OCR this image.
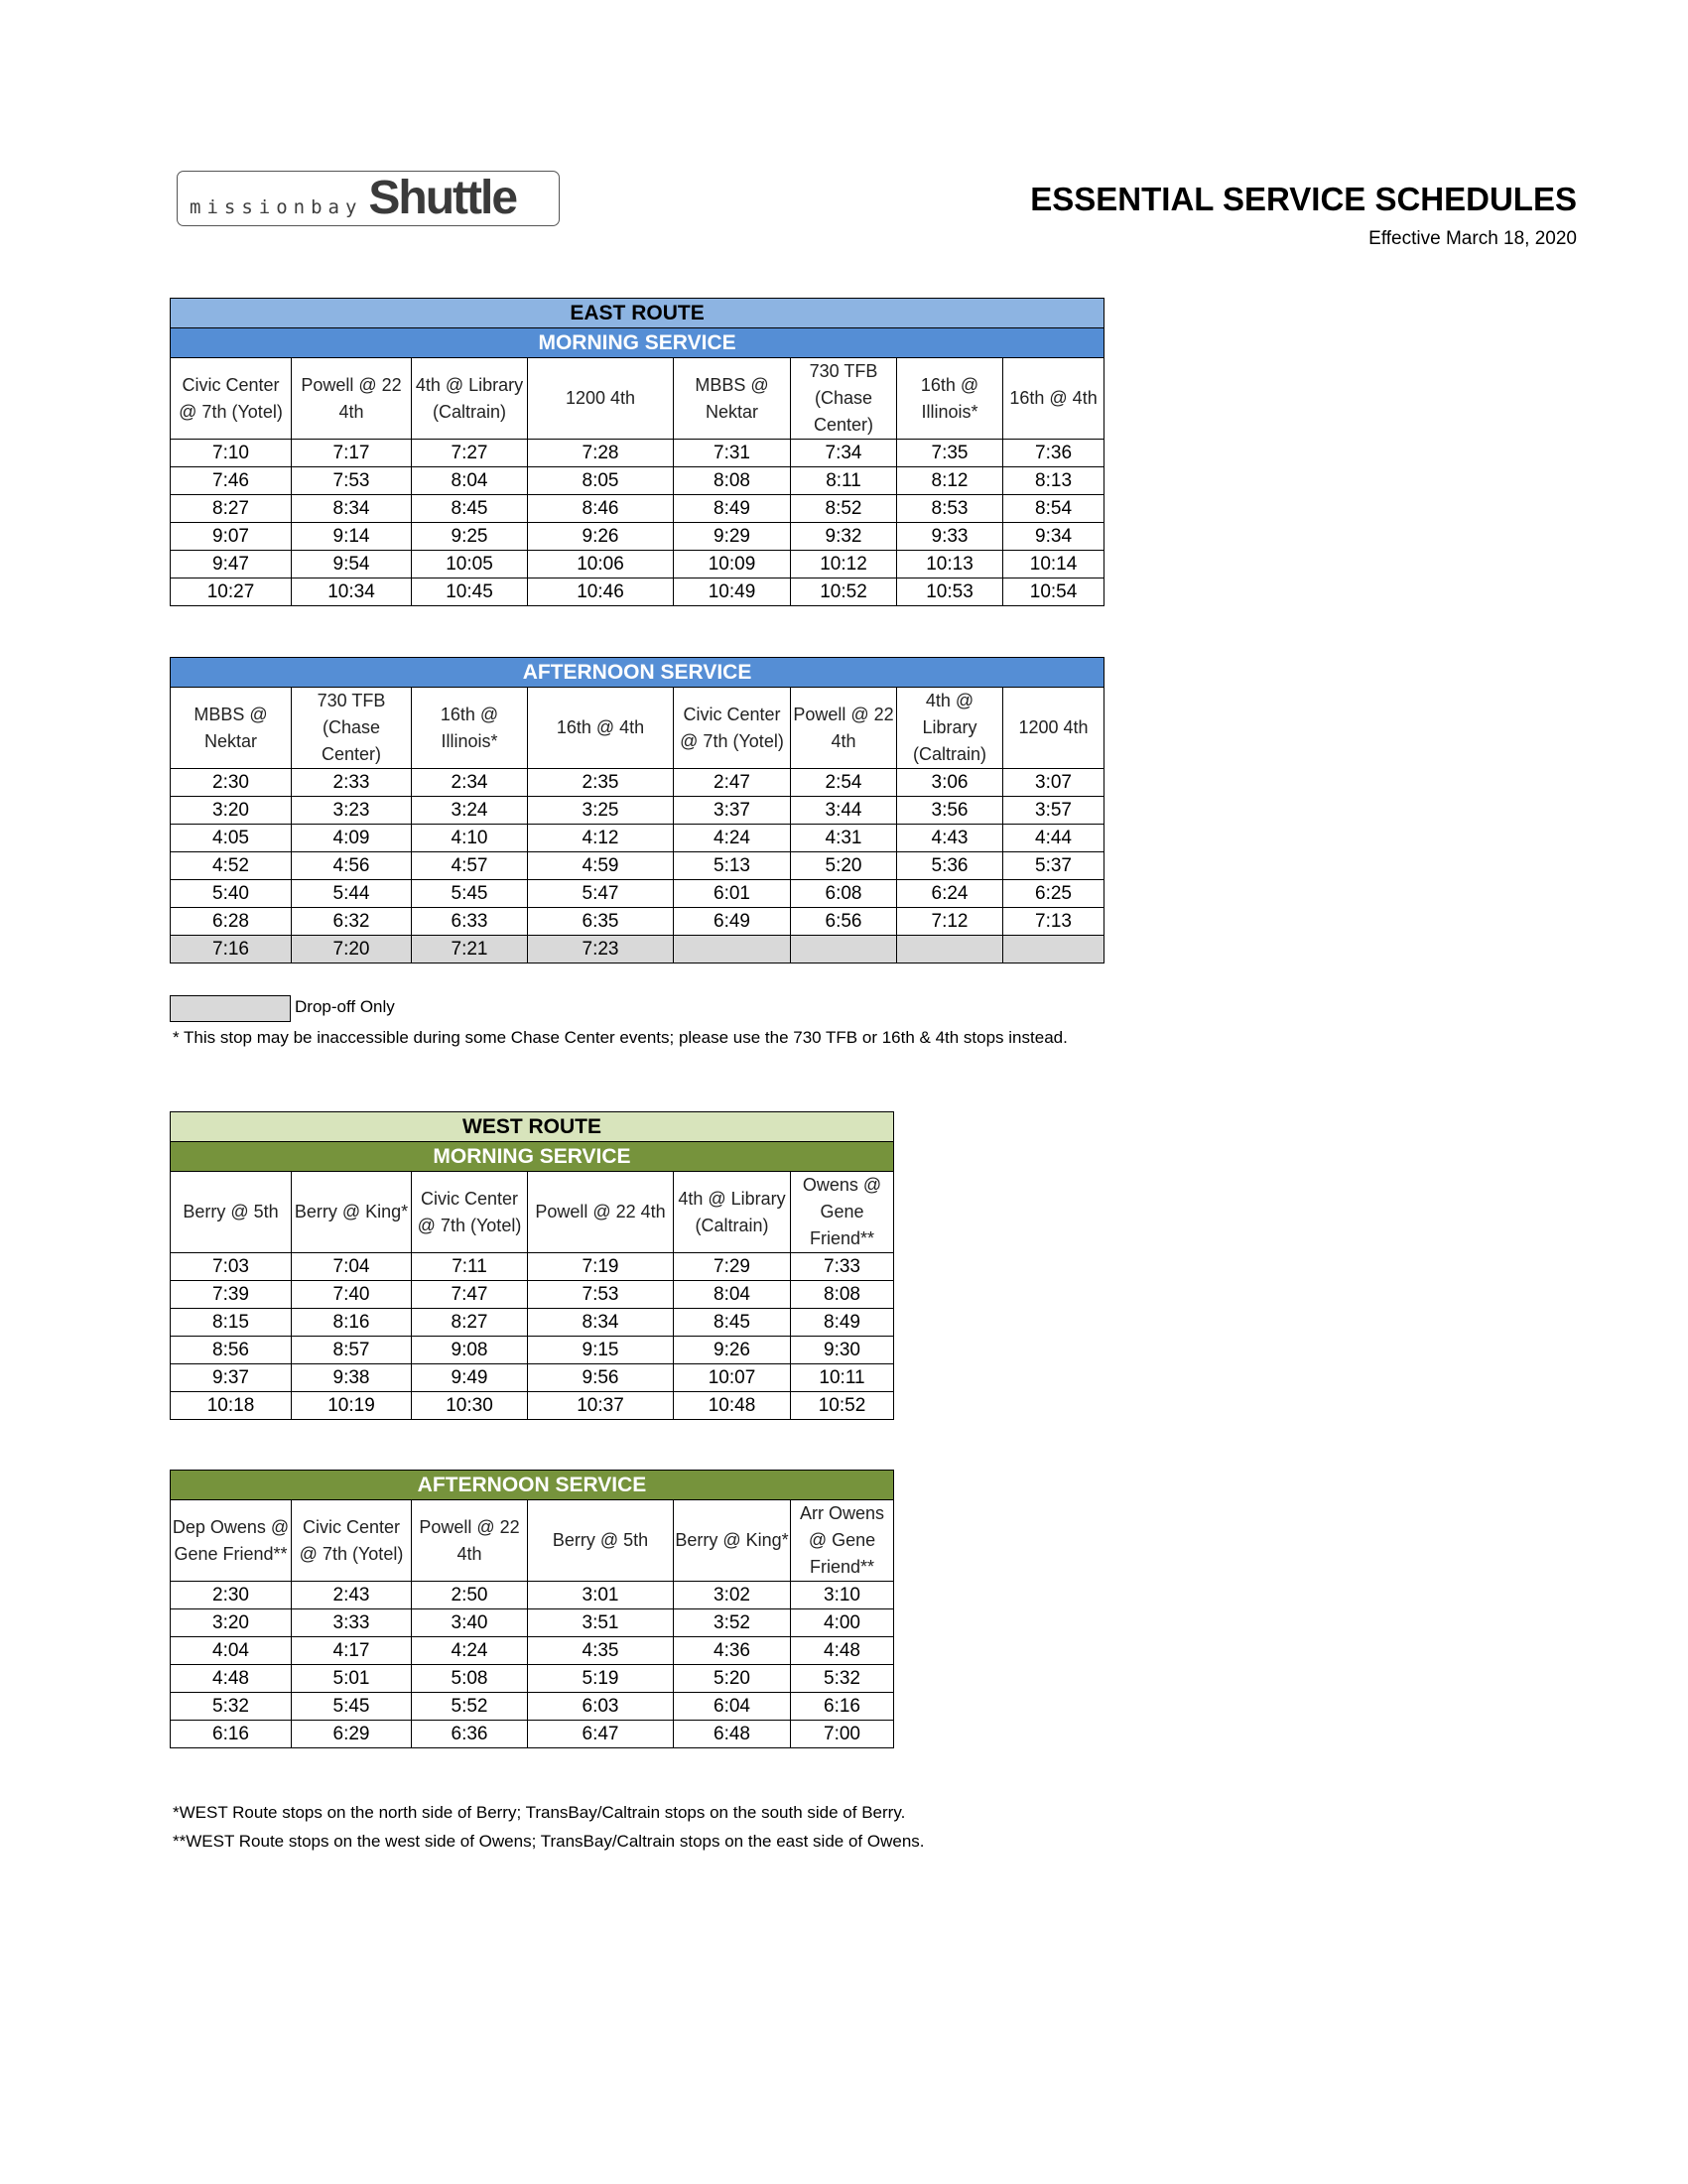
missionbay Shuttle	ESSENTIAL SERVICE SCHEDULES
Effective March 18, 2020
EAST ROUTE							
MORNING SERVICE							
Civic Center @ 7th (Yotel)	Powell @ 22 4th	4th @ Library (Caltrain)	1200 4th	MBBS @ Nektar	730 TFB (Chase Center)	16th @ Illinois*	16th @ 4th
7:10	7:17	7:27	7:28	7:31	7:34	7:35	7:36
7:46	7:53	8:04	8:05	8:08	8:11	8:12	8:13
8:27	8:34	8:45	8:46	8:49	8:52	8:53	8:54
9:07	9:14	9:25	9:26	9:29	9:32	9:33	9:34
9:47	9:54	10:05	10:06	10:09	10:12	10:13	10:14
10:27	10:34	10:45	10:46	10:49	10:52	10:53	10:54
AFTERNOON SERVICE							
MBBS @ Nektar	730 TFB (Chase Center)	16th @ Illinois*	16th @ 4th	Civic Center @ 7th (Yotel)	Powell @ 22 4th	4th @ Library (Caltrain)	1200 4th
2:30	2:33	2:34	2:35	2:47	2:54	3:06	3:07
3:20	3:23	3:24	3:25	3:37	3:44	3:56	3:57
4:05	4:09	4:10	4:12	4:24	4:31	4:43	4:44
4:52	4:56	4:57	4:59	5:13	5:20	5:36	5:37
5:40	5:44	5:45	5:47	6:01	6:08	6:24	6:25
6:28	6:32	6:33	6:35	6:49	6:56	7:12	7:13
7:16	7:20	7:21	7:23				
Drop-off Only
* This stop may be inaccessible during some Chase Center events; please use the 730 TFB or 16th & 4th stops instead.
WEST ROUTE					
MORNING SERVICE					
Berry @ 5th	Berry @ King*	Civic Center @ 7th (Yotel)	Powell @ 22 4th	4th @ Library (Caltrain)	Owens @ Gene Friend**
7:03	7:04	7:11	7:19	7:29	7:33
7:39	7:40	7:47	7:53	8:04	8:08
8:15	8:16	8:27	8:34	8:45	8:49
8:56	8:57	9:08	9:15	9:26	9:30
9:37	9:38	9:49	9:56	10:07	10:11
10:18	10:19	10:30	10:37	10:48	10:52
AFTERNOON SERVICE					
Dep Owens @ Gene Friend**	Civic Center @ 7th (Yotel)	Powell @ 22 4th	Berry @ 5th	Berry @ King*	Arr Owens @ Gene Friend**
2:30	2:43	2:50	3:01	3:02	3:10
3:20	3:33	3:40	3:51	3:52	4:00
4:04	4:17	4:24	4:35	4:36	4:48
4:48	5:01	5:08	5:19	5:20	5:32
5:32	5:45	5:52	6:03	6:04	6:16
6:16	6:29	6:36	6:47	6:48	7:00
*WEST Route stops on the north side of Berry; TransBay/Caltrain stops on the south side of Berry.
**WEST Route stops on the west side of Owens; TransBay/Caltrain stops on the east side of Owens.
